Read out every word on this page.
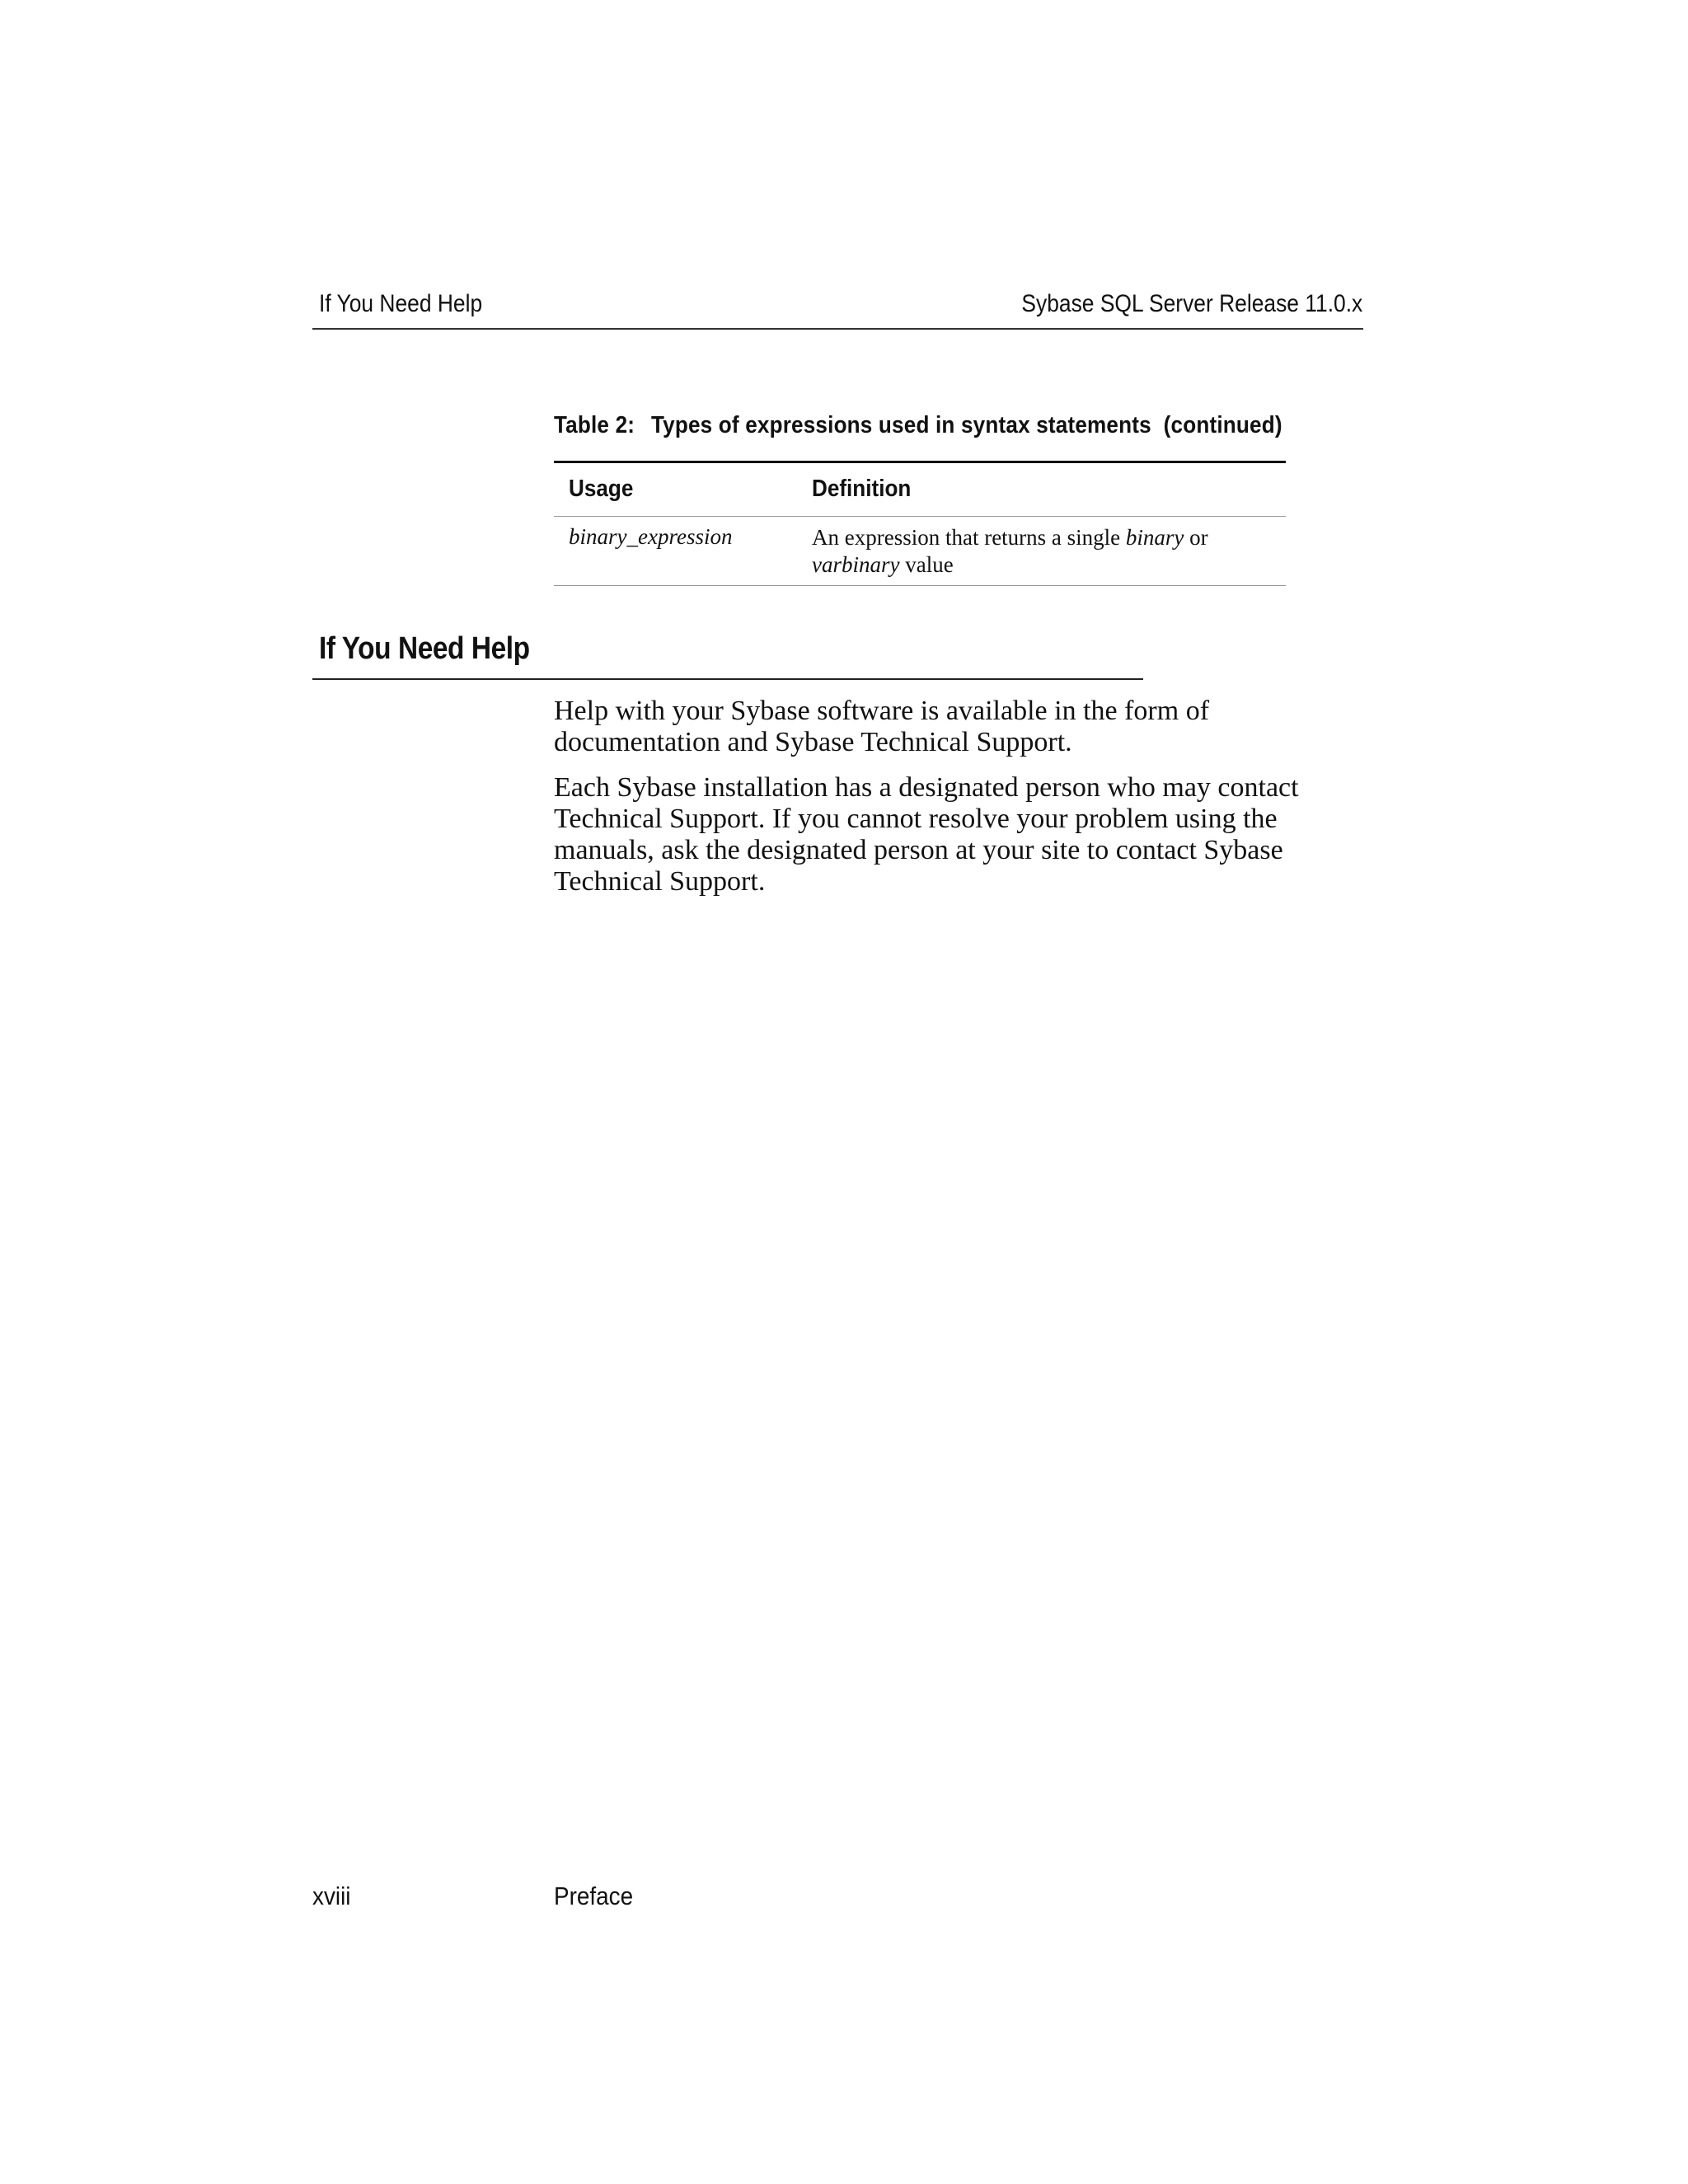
If You Need Help	Sybase SQL Server Release 11.0.x
Table 2: Types of expressions used in syntax statements  (continued)
Usage	Definition
binary_expression	An expression that returns a single binary or
varbinary value
If You Need Help
Help with your Sybase software is available in the form of documentation and Sybase Technical Support.
Each Sybase installation has a designated person who may contact Technical Support. If you cannot resolve your problem using the manuals, ask the designated person at your site to contact Sybase Technical Support.
xviii	Preface
